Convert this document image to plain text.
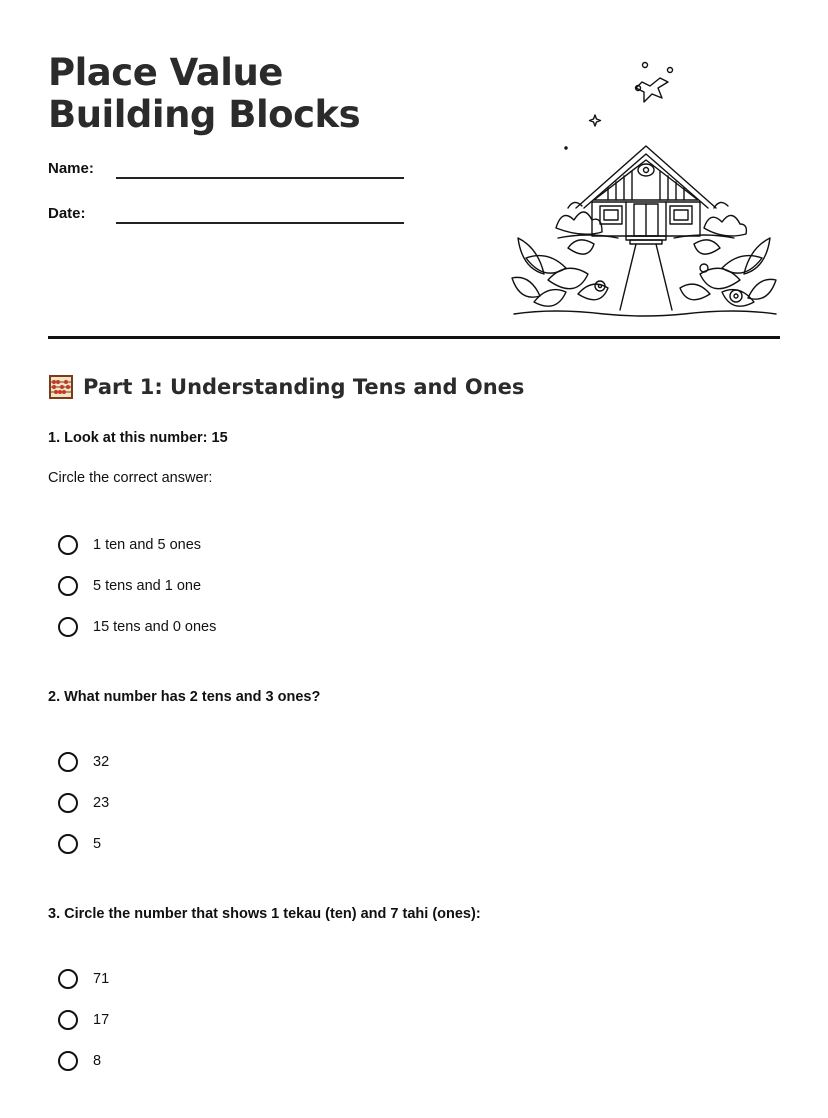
Place Value Building Blocks
Name:
Date:
Part 1: Understanding Tens and Ones
1. Look at this number: 15
Circle the correct answer:
1 ten and 5 ones
5 tens and 1 one
15 tens and 0 ones
2. What number has 2 tens and 3 ones?
32
23
5
3. Circle the number that shows 1 tekau (ten) and 7 tahi (ones):
71
17
8
